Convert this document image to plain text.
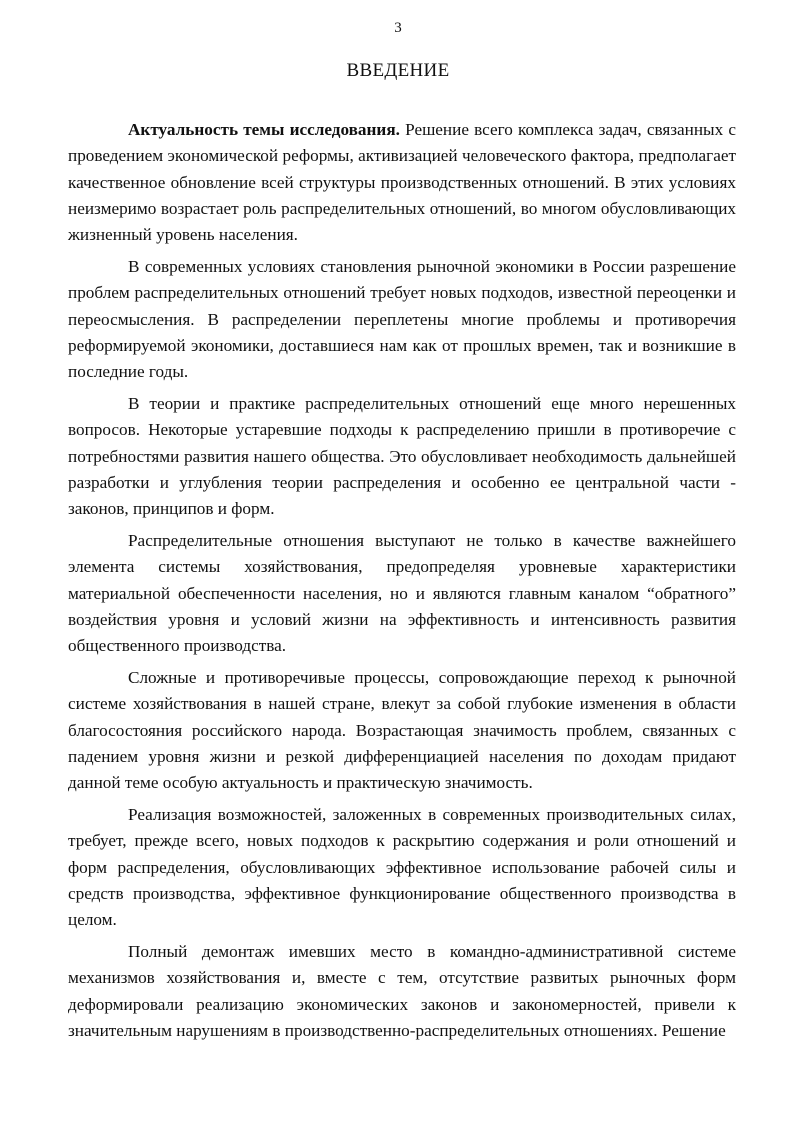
3
ВВЕДЕНИЕ

Актуальность темы исследования. Решение всего комплекса задач, связанных с проведением экономической реформы, активизацией человеческого фактора, предполагает качественное обновление всей структуры производственных отношений. В этих условиях неизмеримо возрастает роль распределительных отношений, во многом обусловливающих жизненный уровень населения.

В современных условиях становления рыночной экономики в России разрешение проблем распределительных отношений требует новых подходов, известной переоценки и переосмысления. В распределении переплетены многие проблемы и противоречия реформируемой экономики, доставшиеся нам как от прошлых времен, так и возникшие в последние годы.

В теории и практике распределительных отношений еще много нерешенных вопросов. Некоторые устаревшие подходы к распределению пришли в противоречие с потребностями развития нашего общества. Это обусловливает необходимость дальнейшей разработки и углубления теории распределения и особенно ее центральной части - законов, принципов и форм.

Распределительные отношения выступают не только в качестве важнейшего элемента системы хозяйствования, предопределяя уровневые характеристики материальной обеспеченности населения, но и являются главным каналом “обратного” воздействия уровня и условий жизни на эффективность и интенсивность развития общественного производства.

Сложные и противоречивые процессы, сопровождающие переход к рыночной системе хозяйствования в нашей стране, влекут за собой глубокие изменения в области благосостояния российского народа. Возрастающая значимость проблем, связанных с падением уровня жизни и резкой дифференциацией населения по доходам придают данной теме особую актуальность и практическую значимость.

Реализация возможностей, заложенных в современных производительных силах, требует, прежде всего, новых подходов к раскрытию содержания и роли отношений и форм распределения, обусловливающих эффективное использование рабочей силы и средств производства, эффективное функционирование общественного производства в целом.

Полный демонтаж имевших место в командно-административной системе механизмов хозяйствования и, вместе с тем, отсутствие развитых рыночных форм деформировали реализацию экономических законов и закономерностей, привели к значительным нарушениям в производственно-распределительных отношениях. Решение
